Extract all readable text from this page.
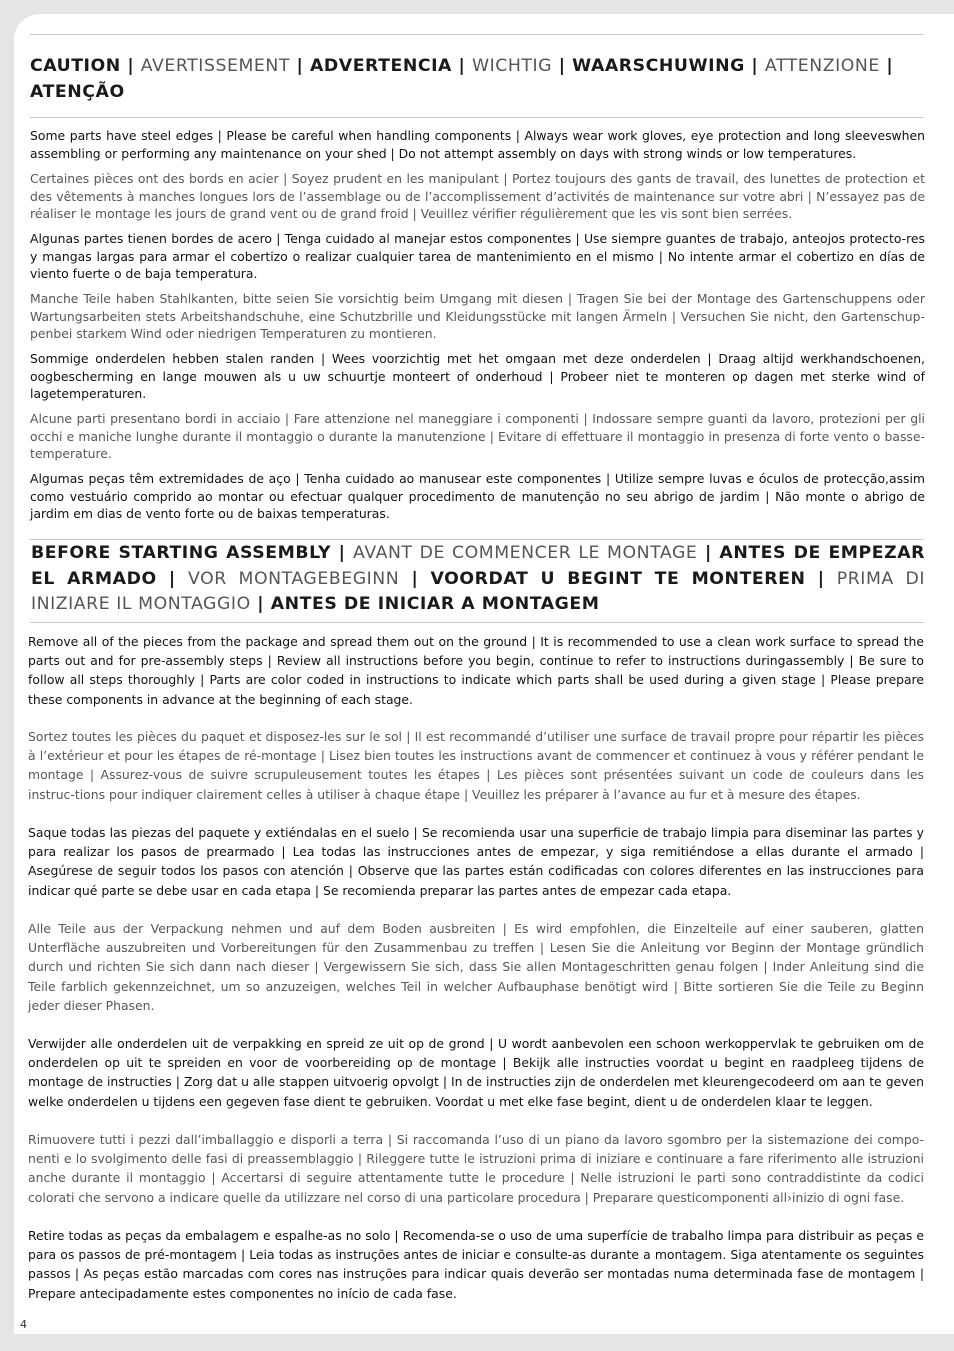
CAUTION | AVERTISSEMENT | ADVERTENCIA | WICHTIG | WAARSCHUWING | ATTENZIONE | ATENÇÃO

Some parts have steel edges | Please be careful when handling components | Always wear work gloves, eye protection and long sleeveswhen assembling or performing any maintenance on your shed | Do not attempt assembly on days with strong winds or low temperatures.

Certaines pièces ont des bords en acier | Soyez prudent en les manipulant | Portez toujours des gants de travail, des lunettes de protection et des vêtements à manches longues lors de l’assemblage ou de l’accomplissement d’activités de maintenance sur votre abri | N’essayez pas de réaliser le montage les jours de grand vent ou de grand froid | Veuillez vérifier régulièrement que les vis sont bien serrées.

Algunas partes tienen bordes de acero | Tenga cuidado al manejar estos componentes | Use siempre guantes de trabajo, anteojos protecto-res y mangas largas para armar el cobertizo o realizar cualquier tarea de mantenimiento en el mismo | No intente armar el cobertizo en días de viento fuerte o de baja temperatura.

Manche Teile haben Stahlkanten, bitte seien Sie vorsichtig beim Umgang mit diesen | Tragen Sie bei der Montage des Gartenschuppens oder Wartungsarbeiten stets Arbeitshandschuhe, eine Schutzbrille und Kleidungsstücke mit langen Ärmeln | Versuchen Sie nicht, den Gartenschup-penbei starkem Wind oder niedrigen Temperaturen zu montieren.

Sommige onderdelen hebben stalen randen | Wees voorzichtig met het omgaan met deze onderdelen | Draag altijd werkhandschoenen, oogbescherming en lange mouwen als u uw schuurtje monteert of onderhoud | Probeer niet te monteren op dagen met sterke wind of lagetemperaturen.

Alcune parti presentano bordi in acciaio | Fare attenzione nel maneggiare i componenti | Indossare sempre guanti da lavoro, protezioni per gli occhi e maniche lunghe durante il montaggio o durante la manutenzione | Evitare di effettuare il montaggio in presenza di forte vento o basse-temperature.

Algumas peças têm extremidades de aço | Tenha cuidado ao manusear este componentes | Utilize sempre luvas e óculos de protecção,assim como vestuário comprido ao montar ou efectuar qualquer procedimento de manutenção no seu abrigo de jardim | Não monte o abrigo de jardim em dias de vento forte ou de baixas temperaturas.

BEFORE STARTING ASSEMBLY | AVANT DE COMMENCER LE MONTAGE | ANTES DE EMPEZAR EL ARMADO | VOR MONTAGEBEGINN | VOORDAT U BEGINT TE MONTEREN | PRIMA DI INIZIARE IL MONTAGGIO | ANTES DE INICIAR A MONTAGEM

Remove all of the pieces from the package and spread them out on the ground | It is recommended to use a clean work surface to spread the parts out and for pre-assembly steps | Review all instructions before you begin, continue to refer to instructions duringassembly | Be sure to follow all steps thoroughly | Parts are color coded in instructions to indicate which parts shall be used during a given stage | Please prepare these components in advance at the beginning of each stage.

Sortez toutes les pièces du paquet et disposez-les sur le sol | Il est recommandé d’utiliser une surface de travail propre pour répartir les pièces à l’extérieur et pour les étapes de ré-montage | Lisez bien toutes les instructions avant de commencer et continuez à vous y référer pendant le montage | Assurez-vous de suivre scrupuleusement toutes les étapes | Les pièces sont présentées suivant un code de couleurs dans les instruc-tions pour indiquer clairement celles à utiliser à chaque étape | Veuillez les préparer à l’avance au fur et à mesure des étapes.

Saque todas las piezas del paquete y extiéndalas en el suelo | Se recomienda usar una superficie de trabajo limpia para diseminar las partes y para realizar los pasos de prearmado | Lea todas las instrucciones antes de empezar, y siga remitiéndose a ellas durante el armado | Asegúrese de seguir todos los pasos con atención | Observe que las partes están codificadas con colores diferentes en las instrucciones para indicar qué parte se debe usar en cada etapa | Se recomienda preparar las partes antes de empezar cada etapa.

Alle Teile aus der Verpackung nehmen und auf dem Boden ausbreiten | Es wird empfohlen, die Einzelteile auf einer sauberen, glatten Unterfläche auszubreiten und Vorbereitungen für den Zusammenbau zu treffen | Lesen Sie die Anleitung vor Beginn der Montage gründlich durch und richten Sie sich dann nach dieser | Vergewissern Sie sich, dass Sie allen Montageschritten genau folgen | Inder Anleitung sind die Teile farblich gekennzeichnet, um so anzuzeigen, welches Teil in welcher Aufbauphase benötigt wird | Bitte sortieren Sie die Teile zu Beginn jeder dieser Phasen.

Verwijder alle onderdelen uit de verpakking en spreid ze uit op de grond | U wordt aanbevolen een schoon werkoppervlak te gebruiken om de onderdelen op uit te spreiden en voor de voorbereiding op de montage | Bekijk alle instructies voordat u begint en raadpleeg tijdens de montage de instructies | Zorg dat u alle stappen uitvoerig opvolgt | In de instructies zijn de onderdelen met kleurengecodeerd om aan te geven welke onderdelen u tijdens een gegeven fase dient te gebruiken. Voordat u met elke fase begint, dient u de onderdelen klaar te leggen.

Rimuovere tutti i pezzi dall’imballaggio e disporli a terra | Si raccomanda l’uso di un piano da lavoro sgombro per la sistemazione dei compo-nenti e lo svolgimento delle fasi di preassemblaggio | Rileggere tutte le istruzioni prima di iniziare e continuare a fare riferimento alle istruzioni anche durante il montaggio | Accertarsi di seguire attentamente tutte le procedure | Nelle istruzioni le parti sono contraddistinte da codici colorati che servono a indicare quelle da utilizzare nel corso di una particolare procedura | Preparare questicomponenti all›inizio di ogni fase.

Retire todas as peças da embalagem e espalhe-as no solo | Recomenda-se o uso de uma superfície de trabalho limpa para distribuir as peças e para os passos de pré-montagem | Leia todas as instruções antes de iniciar e consulte-as durante a montagem. Siga atentamente os seguintes passos | As peças estão marcadas com cores nas instruções para indicar quais deverão ser montadas numa determinada fase de montagem | Prepare antecipadamente estes componentes no início de cada fase.

4
